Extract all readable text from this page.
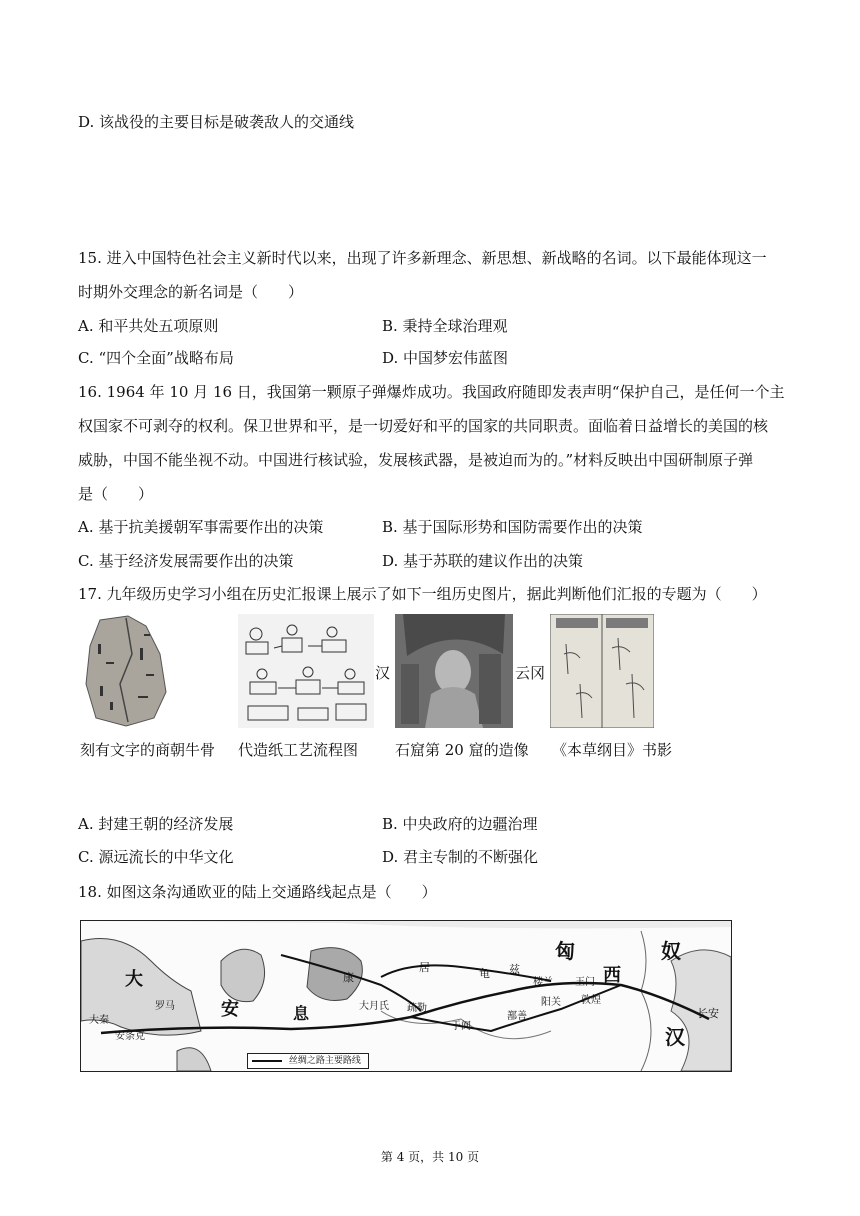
D. 该战役的主要目标是破袭敌人的交通线
15. 进入中国特色社会主义新时代以来，出现了许多新理念、新思想、新战略的名词。以下最能体现这一
时期外交理念的新名词是（　　）
A. 和平共处五项原则	B. 秉持全球治理观
C. “四个全面”战略布局	D. 中国梦宏伟蓝图
16. 1964 年 10 月 16 日，我国第一颗原子弹爆炸成功。我国政府随即发表声明“保护自己，是任何一个主
权国家不可剥夺的权利。保卫世界和平，是一切爱好和平的国家的共同职责。面临着日益增长的美国的核
威胁，中国不能坐视不动。中国进行核试验，发展核武器，是被迫而为的。”材料反映出中国研制原子弹
是（　　）
A. 基于抗美援朝军事需要作出的决策	B. 基于国际形势和国防需要作出的决策
C. 基于经济发展需要作出的决策	D. 基于苏联的建议作出的决策
17. 九年级历史学习小组在历史汇报课上展示了如下一组历史图片，据此判断他们汇报的专题为（　　）
汉	云冈
刻有文字的商朝牛骨 代造纸工艺流程图 石窟第 20 窟的造像 《本草纲目》书影
A. 封建王朝的经济发展	B. 中央政府的边疆治理
C. 源远流长的中华文化	D. 君主专制的不断强化
18. 如图这条沟通欧亚的陆上交通路线起点是（　　）
匈	奴
西
大	康
居	龟 兹
楼兰 玉门
敦煌
阳关
安	息	大月氏 疏勒
于阗
鄯善
罗马
长安
汉
大秦
安条克
丝绸之路主要路线
第 4 页，共 10 页
